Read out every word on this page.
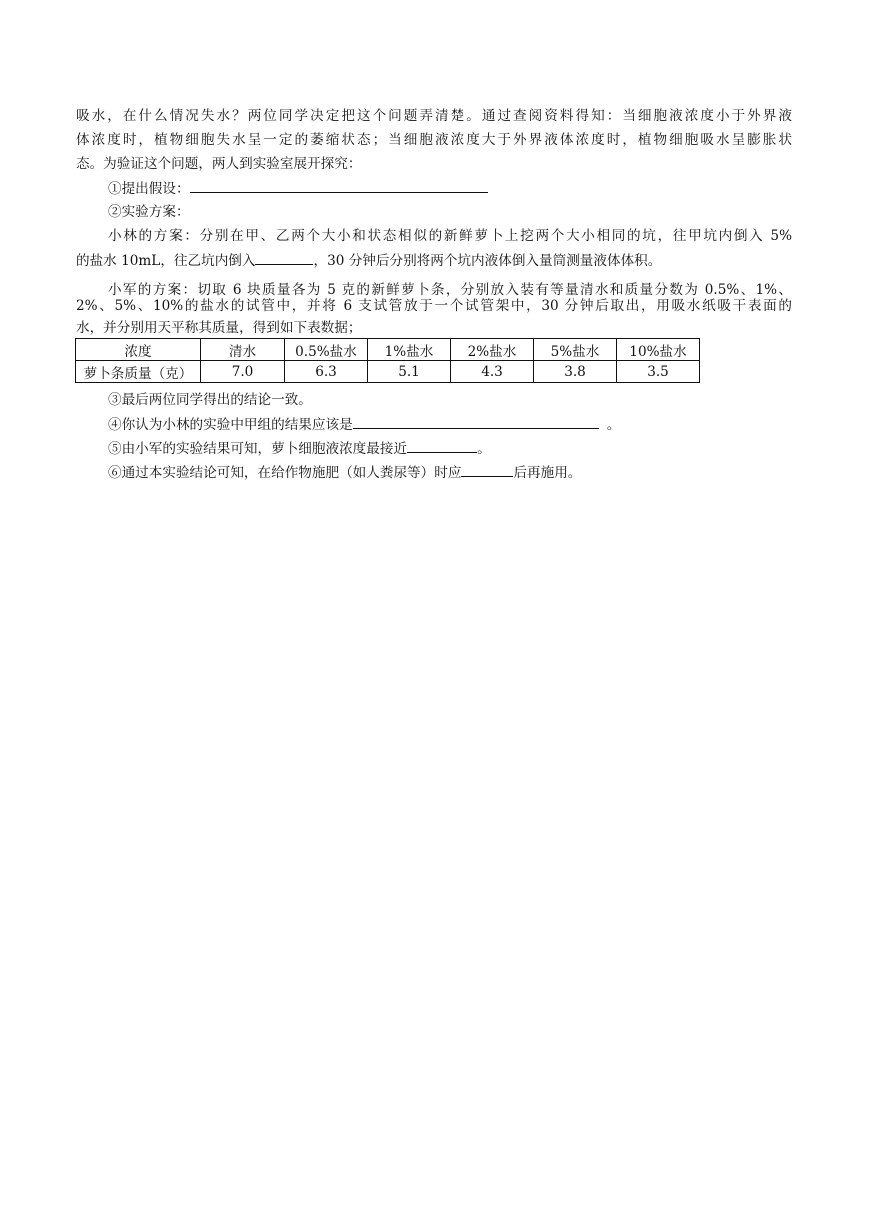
吸水，在什么情况失水？两位同学决定把这个问题弄清楚。通过查阅资料得知：当细胞液浓度小于外界液
体浓度时，植物细胞失水呈一定的萎缩状态；当细胞液浓度大于外界液体浓度时，植物细胞吸水呈膨胀状
态。为验证这个问题，两人到实验室展开探究：
①提出假设：
②实验方案：
小林的方案：分别在甲、乙两个大小和状态相似的新鲜萝卜上挖两个大小相同的坑，往甲坑内倒入 5%
的盐水 10mL，往乙坑内倒入	，30 分钟后分别将两个坑内液体倒入量筒测量液体体积。
小军的方案：切取 6 块质量各为 5 克的新鲜萝卜条，分别放入装有等量清水和质量分数为 0.5%、1%、
2%、5%、10%的盐水的试管中，并将 6 支试管放于一个试管架中，30 分钟后取出，用吸水纸吸干表面的
水，并分别用天平称其质量，得到如下表数据；
浓度	清水	0.5%盐水	1%盐水	2%盐水	5%盐水	10%盐水
萝卜条质量（克）	7.0	6.3	5.1	4.3	3.8	3.5
③最后两位同学得出的结论一致。
④你认为小林的实验中甲组的结果应该是	。
⑤由小军的实验结果可知，萝卜细胞液浓度最接近	。
⑥通过本实验结论可知，在给作物施肥（如人粪尿等）时应	后再施用。
